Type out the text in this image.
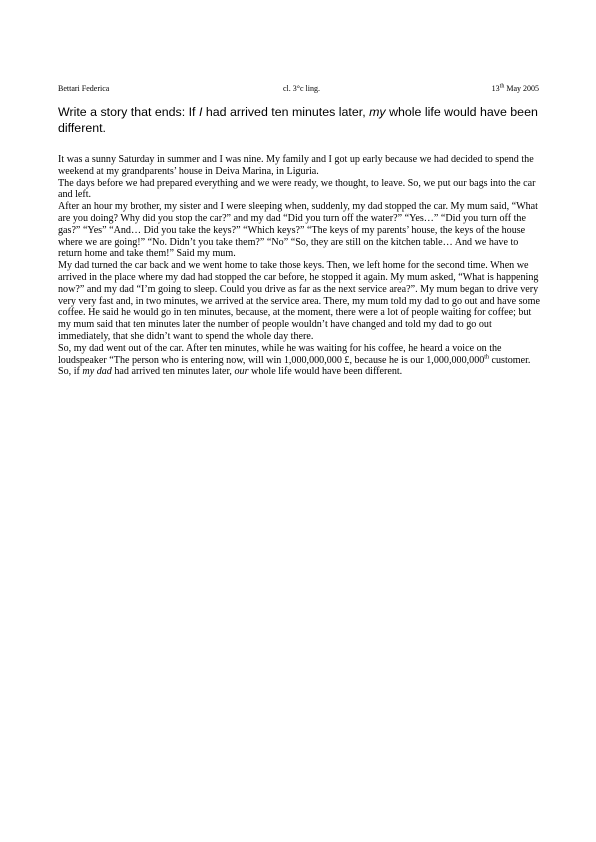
Bettari Federica	cl. 3°c ling.	13th May 2005
Write a story that ends: If I had arrived ten minutes later, my whole life would have been different.

It was a sunny Saturday in summer and I was nine. My family and I got up early because we had decided to spend the weekend at my grandparents’ house in Deiva Marina, in Liguria.

The days before we had prepared everything and we were ready, we thought, to leave. So, we put our bags into the car and left.

After an hour my brother, my sister and I were sleeping when, suddenly, my dad stopped the car. My mum said, “What are you doing? Why did you stop the car?” and my dad “Did you turn off the water?” “Yes…” “Did you turn off the gas?” “Yes” “And… Did you take the keys?” “Which keys?” “The keys of my parents’ house, the keys of the house where we are going!” “No. Didn’t you take them?” “No” “So, they are still on the kitchen table… And we have to return home and take them!” Said my mum.

My dad turned the car back and we went home to take those keys. Then, we left home for the second time. When we arrived in the place where my dad had stopped the car before, he stopped it again. My mum asked, “What is happening now?” and my dad “I’m going to sleep. Could you drive as far as the next service area?”. My mum began to drive very very very fast and, in two minutes, we arrived at the service area. There, my mum told my dad to go out and have some coffee. He said he would go in ten minutes, because, at the moment, there were a lot of people waiting for coffee; but my mum said that ten minutes later the number of people wouldn’t have changed and told my dad to go out immediately, that she didn’t want to spend the whole day there.

So, my dad went out of the car. After ten minutes, while he was waiting for his coffee, he heard a voice on the loudspeaker “The person who is entering now, will win 1,000,000,000 £, because he is our 1,000,000,000th customer.

So, if my dad had arrived ten minutes later, our whole life would have been different.
